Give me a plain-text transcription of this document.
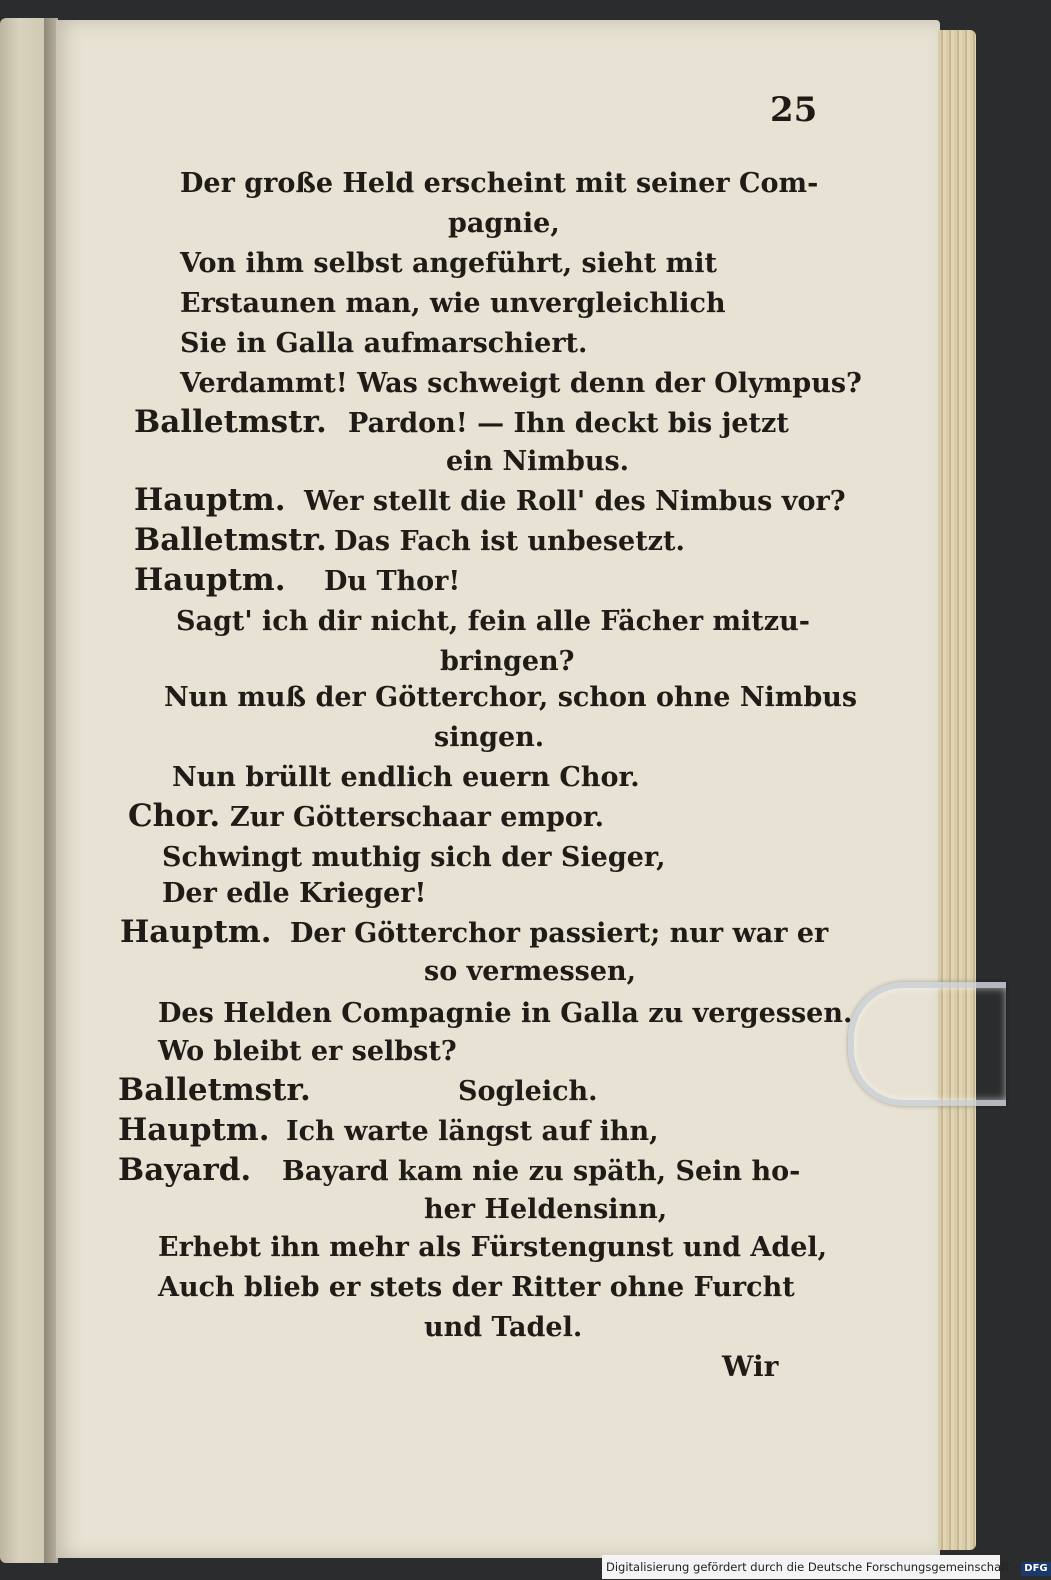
25
Der große Held erscheint mit seiner Com-
pagnie,
Von ihm selbst angeführt, sieht mit
Erstaunen man, wie unvergleichlich
Sie in Galla aufmarschiert.
Verdammt! Was schweigt denn der Olympus?
Balletmstr. Pardon! — Ihn deckt bis jetzt
ein Nimbus.
Hauptm. Wer stellt die Roll' des Nimbus vor?
Balletmstr. Das Fach ist unbesetzt.
Hauptm. Du Thor!
Sagt' ich dir nicht, fein alle Fächer mitzu-
bringen?
Nun muß der Götterchor, schon ohne Nimbus
singen.
Nun brüllt endlich euern Chor.
Chor. Zur Götterschaar empor.
Schwingt muthig sich der Sieger,
Der edle Krieger!
Hauptm. Der Götterchor passiert; nur war er
so vermessen,
Des Helden Compagnie in Galla zu vergessen.
Wo bleibt er selbst?
Balletmstr.	Sogleich.
Hauptm. Ich warte längst auf ihn,
Bayard. Bayard kam nie zu späth, Sein ho-
her Heldensinn,
Erhebt ihn mehr als Fürstengunst und Adel,
Auch blieb er stets der Ritter ohne Furcht
und Tadel.
Wir
Digitalisierung gefördert durch die Deutsche Forschungsgemeinschaft - DFG
